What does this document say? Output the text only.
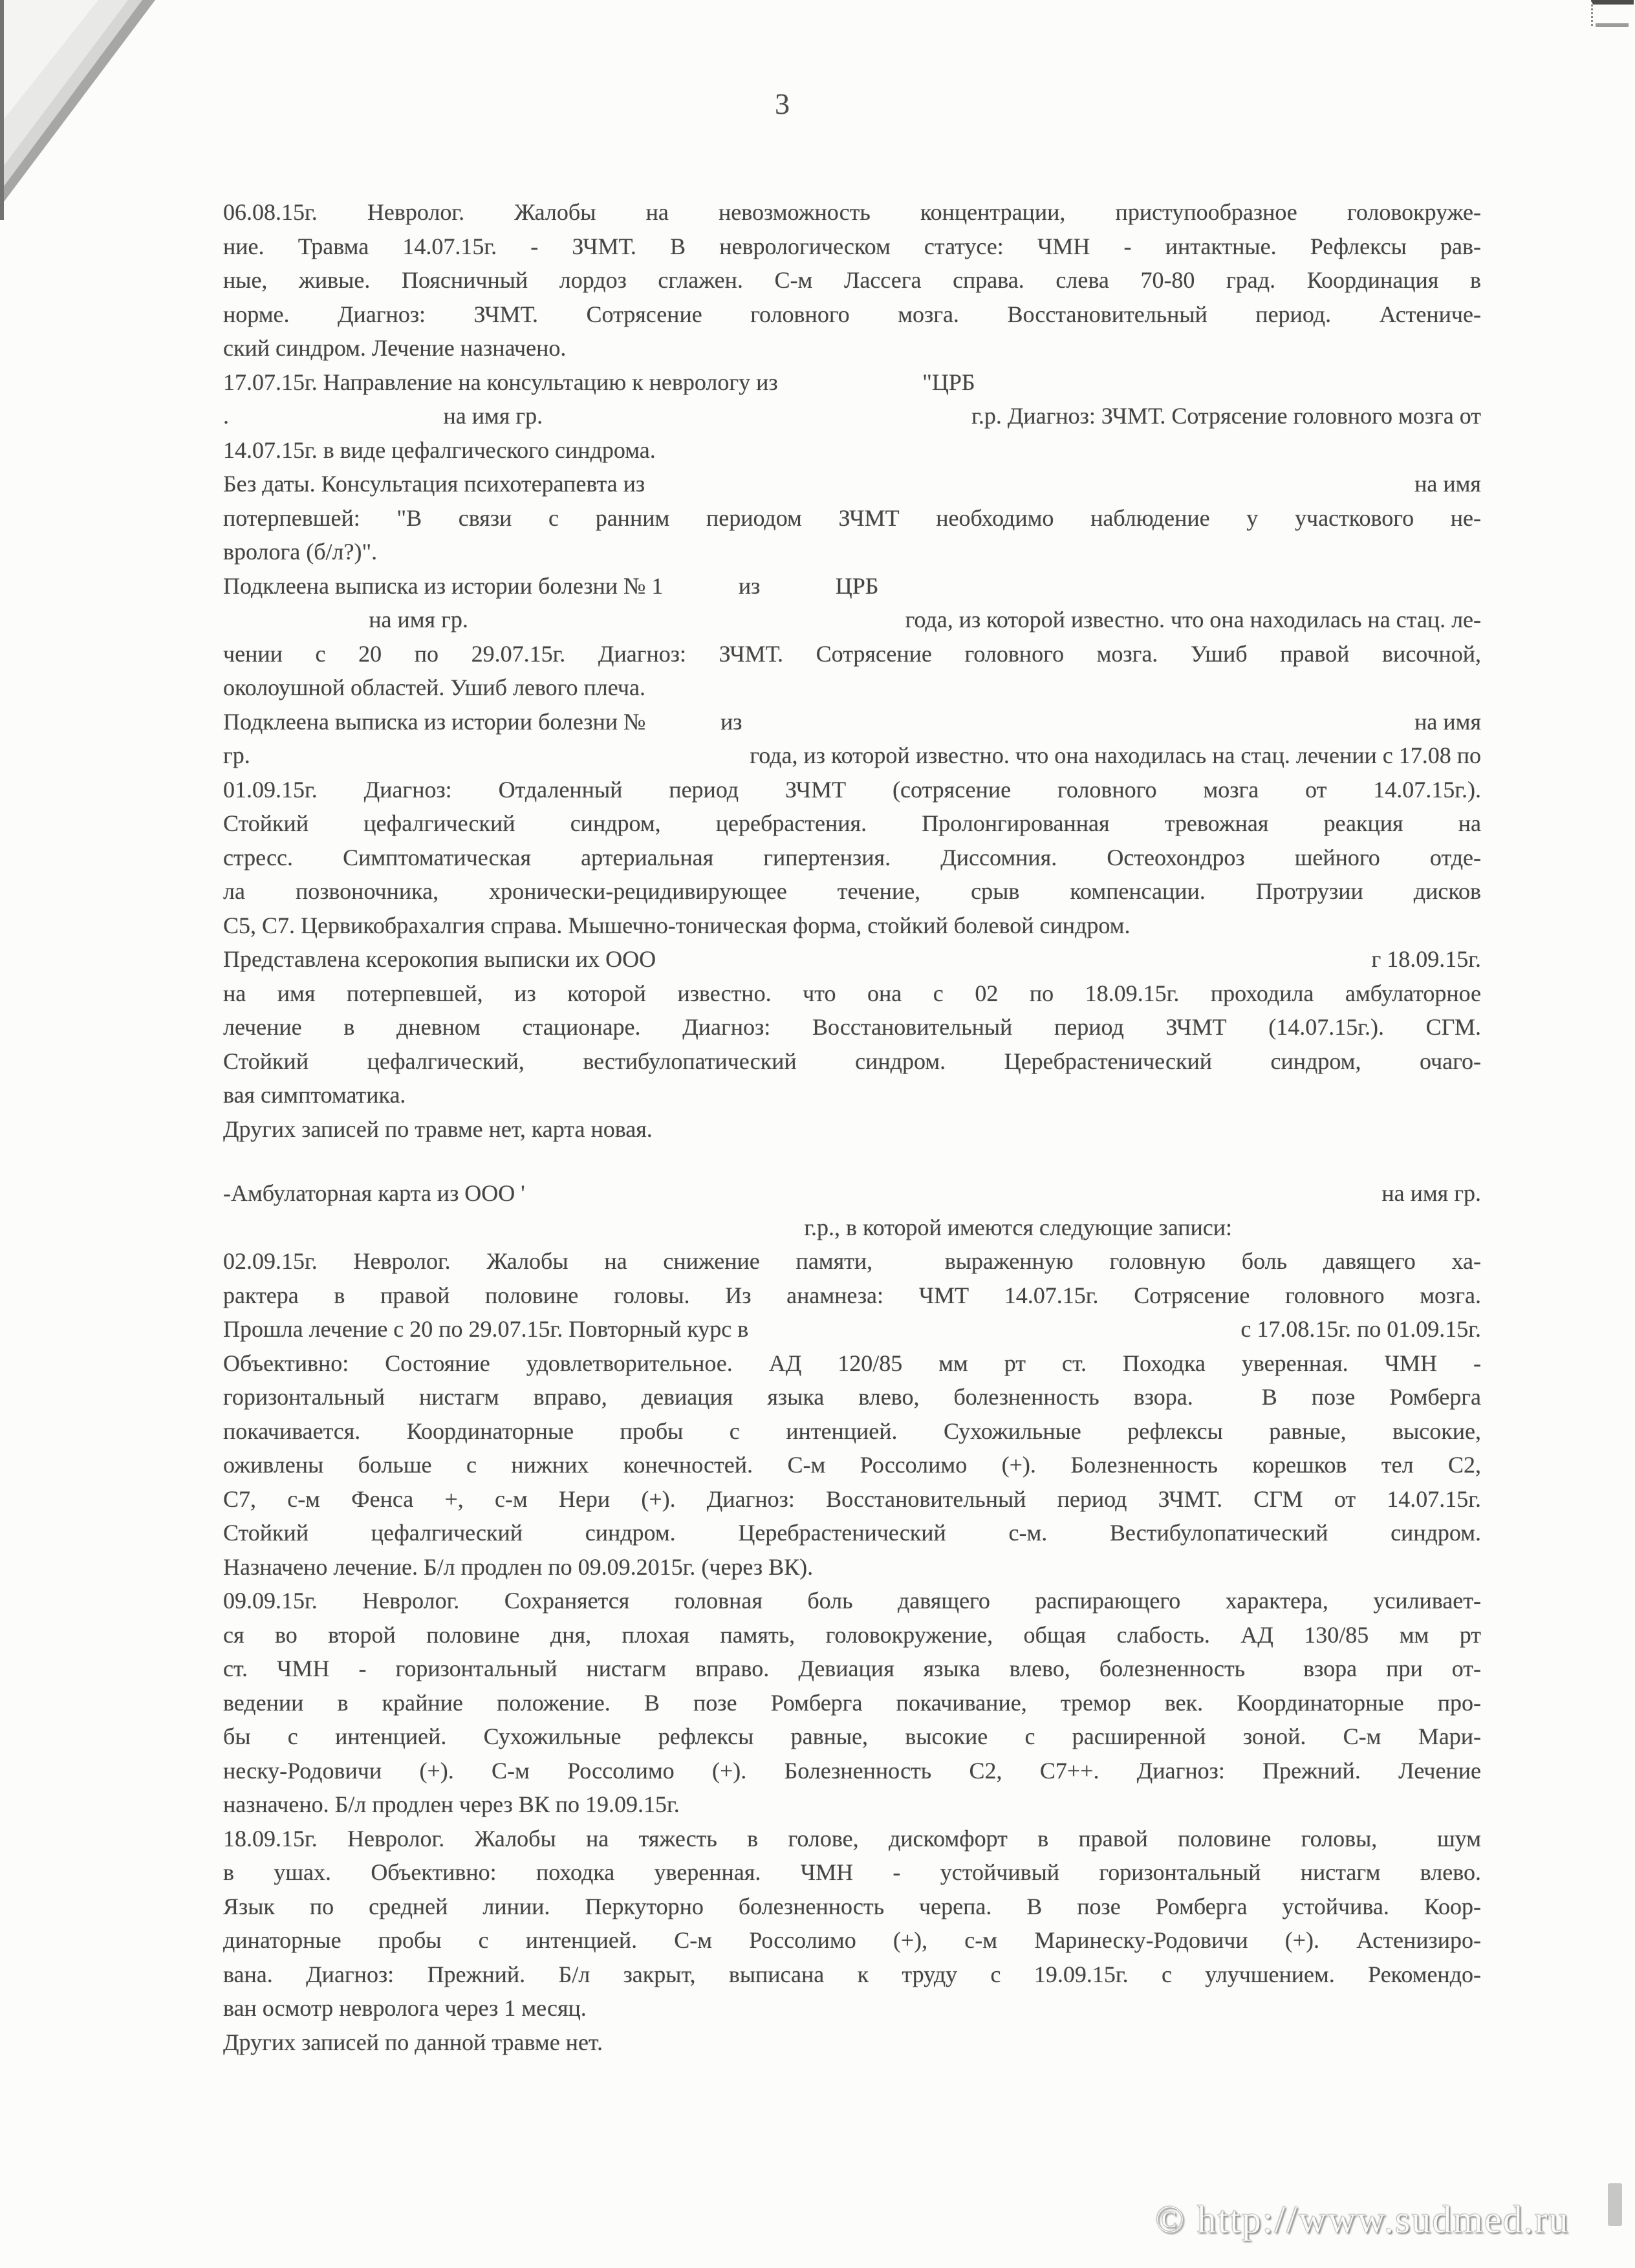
3
06.08.15г. Невролог. Жалобы на невозможность концентрации, приступообразное головокруже-
ние. Травма 14.07.15г. - ЗЧМТ. В неврологическом статусе: ЧМН - интактные. Рефлексы рав-
ные, живые. Поясничный лордоз сглажен. С-м Лассега справа. слева 70-80 град. Координация в
норме. Диагноз: ЗЧМТ. Сотрясение головного мозга. Восстановительный период. Астениче-
ский синдром. Лечение назначено.
17.07.15г. Направление на консультацию к неврологу из	"ЦРБ
.	на имя гр.	г.р. Диагноз: ЗЧМТ. Сотрясение головного мозга от
14.07.15г. в виде цефалгического синдрома.
Без даты. Консультация психотерапевта из	на имя
потерпевшей: "В связи с ранним периодом ЗЧМТ необходимо наблюдение у участкового не-
вролога (б/л?)".
Подклеена выписка из истории болезни № 1	из	ЦРБ
на имя гр.	года, из которой известно. что она находилась на стац. ле-
чении с 20 по 29.07.15г. Диагноз: ЗЧМТ. Сотрясение головного мозга. Ушиб правой височной,
околоушной областей. Ушиб левого плеча.
Подклеена выписка из истории болезни №	из	на имя
гр.	года, из которой известно. что она находилась на стац. лечении с 17.08 по
01.09.15г. Диагноз: Отдаленный период ЗЧМТ (сотрясение головного мозга от 14.07.15г.).
Стойкий цефалгический синдром, церебрастения. Пролонгированная тревожная реакция на
стресс. Симптоматическая артериальная гипертензия. Диссомния. Остеохондроз шейного отде-
ла позвоночника, хронически-рецидивирующее течение, срыв компенсации. Протрузии дисков
С5, С7. Цервикобрахалгия справа. Мышечно-тоническая форма, стойкий болевой синдром.
Представлена ксерокопия выписки их ООО	г 18.09.15г.
на имя потерпевшей, из которой известно. что она с 02 по 18.09.15г. проходила амбулаторное
лечение в дневном стационаре. Диагноз: Восстановительный период ЗЧМТ (14.07.15г.). СГМ.
Стойкий цефалгический, вестибулопатический синдром. Церебрастенический синдром, очаго-
вая симптоматика.
Других записей по травме нет, карта новая.
-Амбулаторная карта из ООО '	на имя гр.
г.р., в которой имеются следующие записи:
02.09.15г. Невролог. Жалобы на снижение памяти,  выраженную головную боль давящего ха-
рактера в правой половине головы. Из анамнеза: ЧМТ 14.07.15г. Сотрясение головного мозга.
Прошла лечение с 20 по 29.07.15г. Повторный курс в	с 17.08.15г. по 01.09.15г.
Объективно: Состояние удовлетворительное. АД 120/85 мм рт ст. Походка уверенная. ЧМН -
горизонтальный нистагм вправо, девиация языка влево, болезненность взора.  В позе Ромберга
покачивается. Координаторные пробы с интенцией. Сухожильные рефлексы равные, высокие,
оживлены больше с нижних конечностей. С-м Россолимо (+). Болезненность корешков тел С2,
С7, с-м Фенса +, с-м Нери (+). Диагноз: Восстановительный период ЗЧМТ. СГМ от 14.07.15г.
Стойкий цефалгический синдром. Церебрастенический с-м. Вестибулопатический синдром.
Назначено лечение. Б/л продлен по 09.09.2015г. (через ВК).
09.09.15г. Невролог. Сохраняется головная боль давящего распирающего характера, усиливает-
ся во второй половине дня, плохая память, головокружение, общая слабость. АД 130/85 мм рт
ст. ЧМН - горизонтальный нистагм вправо. Девиация языка влево, болезненность  взора при от-
ведении в крайние положение. В позе Ромберга покачивание, тремор век. Координаторные про-
бы с интенцией. Сухожильные рефлексы равные, высокие с расширенной зоной. С-м Мари-
неску-Родовичи (+). С-м Россолимо (+). Болезненность С2, С7++. Диагноз: Прежний. Лечение
назначено. Б/л продлен через ВК по 19.09.15г.
18.09.15г. Невролог. Жалобы на тяжесть в голове, дискомфорт в правой половине головы,  шум
в ушах. Объективно: походка уверенная. ЧМН - устойчивый горизонтальный нистагм влево.
Язык по средней линии. Перкуторно болезненность черепа. В позе Ромберга устойчива. Коор-
динаторные пробы с интенцией. С-м Россолимо (+), с-м Маринеску-Родовичи (+). Астенизиро-
вана. Диагноз: Прежний. Б/л закрыт, выписана к труду с 19.09.15г. с улучшением. Рекомендо-
ван осмотр невролога через 1 месяц.
Других записей по данной травме нет.
© http://www.sudmed.ru
